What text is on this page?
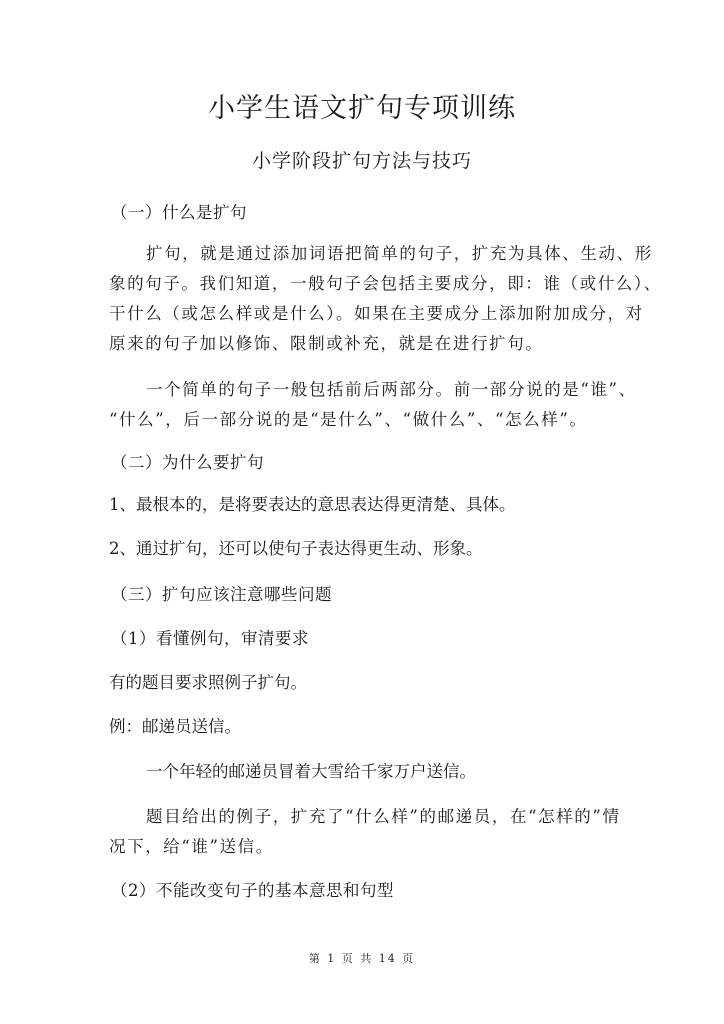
小学生语文扩句专项训练
小学阶段扩句方法与技巧

（一）什么是扩句

扩句，就是通过添加词语把简单的句子，扩充为具体、生动、形

象的句子。我们知道，一般句子会包括主要成分，即：谁（或什么）、

干什么（或怎么样或是什么）。如果在主要成分上添加附加成分，对

原来的句子加以修饰、限制或补充，就是在进行扩句。

一个简单的句子一般包括前后两部分。前一部分说的是“谁”、

“什么”，后一部分说的是“是什么”、“做什么”、“怎么样”。

（二）为什么要扩句

1、最根本的，是将要表达的意思表达得更清楚、具体。

2、通过扩句，还可以使句子表达得更生动、形象。

（三）扩句应该注意哪些问题

（1）看懂例句，审清要求

有的题目要求照例子扩句。

例：邮递员送信。

一个年轻的邮递员冒着大雪给千家万户送信。

题目给出的例子，扩充了“什么样”的邮递员，在“怎样的”情

况下，给“谁”送信。

（2）不能改变句子的基本意思和句型

第 1 页 共 14 页
